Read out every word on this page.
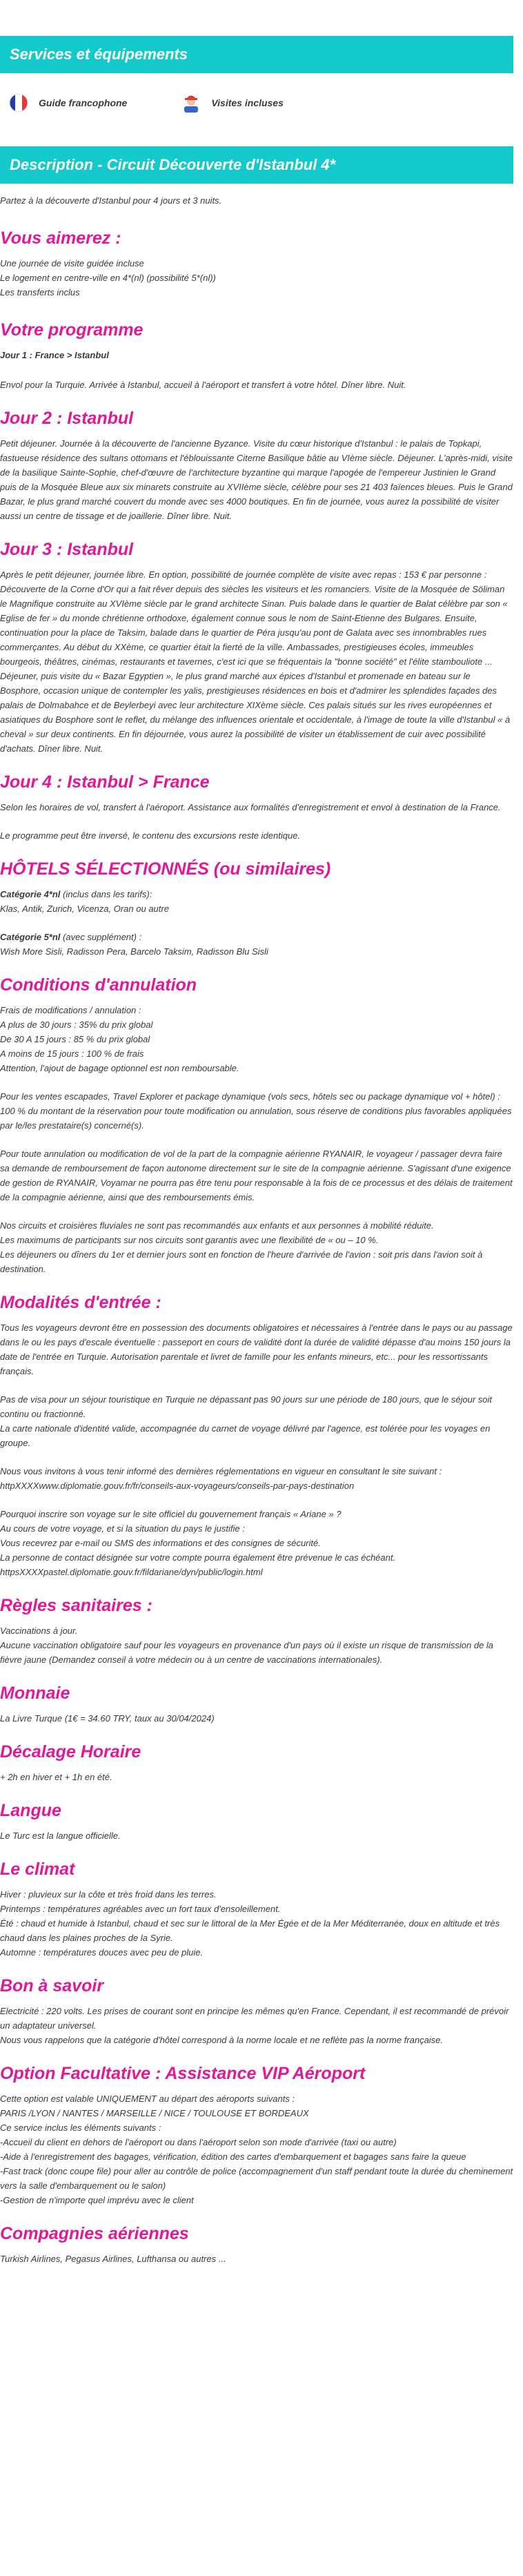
Services et équipements
Guide francophone	Visites incluses
Description - Circuit Découverte d'Istanbul 4*

Partez à la découverte d'Istanbul pour 4 jours et 3 nuits.

Vous aimerez :

Une journée de visite guidée incluse

Le logement en centre-ville en 4*(nl) (possibilité 5*(nl))

Les transferts inclus

Votre programme

Jour 1 : France > Istanbul

Envol pour la Turquie. Arrivée à Istanbul, accueil à l'aéroport et transfert à votre hôtel. Dîner libre. Nuit.

Jour 2 : Istanbul

Petit déjeuner. Journée à la découverte de l'ancienne Byzance. Visite du cœur historique d'Istanbul : le palais de Topkapi, fastueuse résidence des sultans ottomans et l'éblouissante Citerne Basilique bâtie au VIème siècle. Déjeuner. L'après-midi, visite de la basilique Sainte-Sophie, chef-d'œuvre de l'architecture byzantine qui marque l'apogée de l'empereur Justinien le Grand puis de la Mosquée Bleue aux six minarets construite au XVIIème siècle, célèbre pour ses 21 403 faïences bleues. Puis le Grand Bazar, le plus grand marché couvert du monde avec ses 4000 boutiques. En fin de journée, vous aurez la possibilité de visiter aussi un centre de tissage et de joaillerie. Dîner libre. Nuit.

Jour 3 : Istanbul

Après le petit déjeuner, journée libre. En option, possibilité de journée complète de visite avec repas : 153 € par personne : Découverte de la Corne d'Or qui a fait rêver depuis des siècles les visiteurs et les romanciers. Visite de la Mosquée de Söliman le Magnifique construite au XVIème siècle par le grand architecte Sinan. Puis balade dans le quartier de Balat célèbre par son « Eglise de fer » du monde chrétienne orthodoxe, également connue sous le nom de Saint-Etienne des Bulgares. Ensuite, continuation pour la place de Taksim, balade dans le quartier de Péra jusqu'au pont de Galata avec ses innombrables rues commerçantes. Au début du XXème, ce quartier était la fierté de la ville. Ambassades, prestigieuses écoles, immeubles bourgeois, théâtres, cinémas, restaurants et tavernes, c'est ici que se fréquentais la "bonne société" et l'élite stambouliote ... Déjeuner, puis visite du « Bazar Egyptien », le plus grand marché aux épices d'Istanbul et promenade en bateau sur le Bosphore, occasion unique de contempler les yalis, prestigieuses résidences en bois et d'admirer les splendides façades des palais de Dolmabahce et de Beylerbeyi avec leur architecture XIXème siècle. Ces palais situés sur les rives européennes et asiatiques du Bosphore sont le reflet, du mélange des influences orientale et occidentale, à l'image de toute la ville d'Istanbul « à cheval » sur deux continents. En fin déjournée, vous aurez la possibilité de visiter un établissement de cuir avec possibilité d'achats. Dîner libre. Nuit.

Jour 4 : Istanbul > France

Selon les horaires de vol, transfert à l'aéroport. Assistance aux formalités d'enregistrement et envol à destination de la France.

Le programme peut être inversé, le contenu des excursions reste identique.

HÔTELS SÉLECTIONNÉS (ou similaires)

Catégorie 4*nl (inclus dans les tarifs):

Klas, Antik, Zurich, Vicenza, Oran ou autre

Catégorie 5*nl (avec supplément) :

Wish More Sisli, Radisson Pera, Barcelo Taksim, Radisson Blu Sisli

Conditions d'annulation

Frais de modifications / annulation :
A plus de 30 jours : 35% du prix global
De 30 A 15 jours : 85 % du prix global
A moins de 15 jours : 100 % de frais
Attention, l'ajout de bagage optionnel est non remboursable.

Pour les ventes escapades, Travel Explorer et package dynamique (vols secs, hôtels sec ou package dynamique vol + hôtel) : 100 % du montant de la réservation pour toute modification ou annulation, sous réserve de conditions plus favorables appliquées par le/les prestataire(s) concerné(s).

Pour toute annulation ou modification de vol de la part de la compagnie aérienne RYANAIR, le voyageur / passager devra faire sa demande de remboursement de façon autonome directement sur le site de la compagnie aérienne. S'agissant d'une exigence de gestion de RYANAIR, Voyamar ne pourra pas être tenu pour responsable à la fois de ce processus et des délais de traitement de la compagnie aérienne, ainsi que des remboursements émis.

Nos circuits et croisières fluviales ne sont pas recommandés aux enfants et aux personnes à mobilité réduite.
Les maximums de participants sur nos circuits sont garantis avec une flexibilité de « ou – 10 %.
Les déjeuners ou dîners du 1er et dernier jours sont en fonction de l'heure d'arrivée de l'avion : soit pris dans l'avion soit à destination.

Modalités d'entrée :

Tous les voyageurs devront être en possession des documents obligatoires et nécessaires à l'entrée dans le pays ou au passage dans le ou les pays d'escale éventuelle : passeport en cours de validité dont la durée de validité dépasse d'au moins 150 jours la date de l'entrée en Turquie. Autorisation parentale et livret de famille pour les enfants mineurs, etc... pour les ressortissants français.

Pas de visa pour un séjour touristique en Turquie ne dépassant pas 90 jours sur une période de 180 jours, que le séjour soit continu ou fractionné.
La carte nationale d'identité valide, accompagnée du carnet de voyage délivré par l'agence, est tolérée pour les voyages en groupe.

Nous vous invitons à vous tenir informé des dernières réglementations en vigueur en consultant le site suivant : httpXXXXwww.diplomatie.gouv.fr/fr/conseils-aux-voyageurs/conseils-par-pays-destination

Pourquoi inscrire son voyage sur le site officiel du gouvernement français « Ariane » ?
Au cours de votre voyage, et si la situation du pays le justifie :
Vous recevrez par e-mail ou SMS des informations et des consignes de sécurité.
La personne de contact désignée sur votre compte pourra également être prévenue le cas échéant.
httpsXXXXpastel.diplomatie.gouv.fr/fildariane/dyn/public/login.html

Règles sanitaires :

Vaccinations à jour.
Aucune vaccination obligatoire sauf pour les voyageurs en provenance d'un pays où il existe un risque de transmission de la fièvre jaune (Demandez conseil à votre médecin ou à un centre de vaccinations internationales).

Monnaie

La Livre Turque (1€ = 34.60 TRY, taux au 30/04/2024)

Décalage Horaire

+ 2h en hiver et + 1h en été.

Langue

Le Turc est la langue officielle.

Le climat

Hiver : pluvieux sur la côte et très froid dans les terres.
Printemps : températures agréables avec un fort taux d'ensoleillement.
Été : chaud et humide à Istanbul, chaud et sec sur le littoral de la Mer Égée et de la Mer Méditerranée, doux en altitude et très chaud dans les plaines proches de la Syrie.
Automne : températures douces avec peu de pluie.

Bon à savoir

Electricité : 220 volts. Les prises de courant sont en principe les mêmes qu'en France. Cependant, il est recommandé de prévoir un adaptateur universel.
Nous vous rappelons que la catégorie d'hôtel correspond à la norme locale et ne reflète pas la norme française.

Option Facultative : Assistance VIP Aéroport

Cette option est valable UNIQUEMENT au départ des aéroports suivants :
PARIS /LYON / NANTES / MARSEILLE / NICE / TOULOUSE ET BORDEAUX
Ce service inclus les éléments suivants :
-Accueil du client en dehors de l'aéroport ou dans l'aéroport selon son mode d'arrivée (taxi ou autre)
-Aide à l'enregistrement des bagages, vérification, édition des cartes d'embarquement et bagages sans faire la queue
-Fast track (donc coupe file) pour aller au contrôle de police (accompagnement d'un staff pendant toute la durée du cheminement vers la salle d'embarquement ou le salon)
-Gestion de n'importe quel imprévu avec le client

Compagnies aériennes

Turkish Airlines, Pegasus Airlines, Lufthansa ou autres ...
